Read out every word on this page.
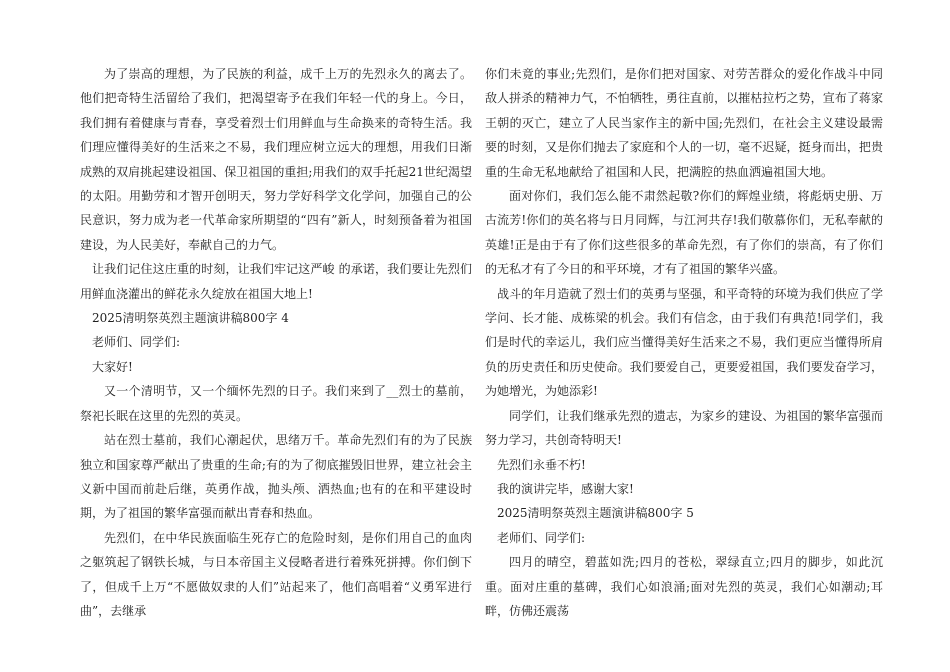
为了崇高的理想，为了民族的利益，成千上万的先烈永久的离去了。他们把奇特生活留给了我们，把渴望寄予在我们年轻一代的身上。今日，我们拥有着健康与青春，享受着烈士们用鲜血与生命换来的奇特生活。我们理应懂得美好的生活来之不易，我们理应树立远大的理想，用我们日渐成熟的双肩挑起建设祖国、保卫祖国的重担;用我们的双手托起21世纪渴望的太阳。用勤劳和才智开创明天，努力学好科学文化学问，加强自己的公民意识，努力成为老一代革命家所期望的“四有”新人，时刻预备着为祖国建设，为人民美好，奉献自己的力气。

让我们记住这庄重的时刻，让我们牢记这严峻 的承诺，我们要让先烈们用鲜血浇灌出的鲜花永久绽放在祖国大地上!

2025清明祭英烈主题演讲稿800字 4

老师们、同学们:

大家好!

又一个清明节，又一个缅怀先烈的日子。我们来到了__烈士的墓前，祭祀长眠在这里的先烈的英灵。

站在烈士墓前，我们心潮起伏，思绪万千。革命先烈们有的为了民族独立和国家尊严献出了贵重的生命;有的为了彻底摧毁旧世界，建立社会主义新中国而前赴后继，英勇作战，抛头颅、洒热血;也有的在和平建设时期，为了祖国的繁华富强而献出青春和热血。

先烈们，在中华民族面临生死存亡的危险时刻，是你们用自己的血肉之躯筑起了钢铁长城，与日本帝国主义侵略者进行着殊死拼搏。你们倒下了，但成千上万“不愿做奴隶的人们”站起来了，他们高唱着“义勇军进行曲”，去继承

你们未竟的事业;先烈们，是你们把对国家、对劳苦群众的爱化作战斗中同敌人拼杀的精神力气，不怕牺牲，勇往直前，以摧枯拉朽之势，宣布了蒋家王朝的灭亡，建立了人民当家作主的新中国;先烈们，在社会主义建设最需要的时刻，又是你们抛去了家庭和个人的一切，毫不迟疑，挺身而出，把贵重的生命无私地献给了祖国和人民，把满腔的热血洒遍祖国大地。

面对你们，我们怎么能不肃然起敬?你们的辉煌业绩，将彪炳史册、万古流芳!你们的英名将与日月同辉，与江河共存!我们敬慕你们，无私奉献的英雄!正是由于有了你们这些很多的革命先烈，有了你们的崇高，有了你们的无私才有了今日的和平环境，才有了祖国的繁华兴盛。

战斗的年月造就了烈士们的英勇与坚强，和平奇特的环境为我们供应了学学问、长才能、成栋梁的机会。我们有信念，由于我们有典范!同学们，我们是时代的幸运儿，我们应当懂得美好生活来之不易，我们更应当懂得所肩负的历史责任和历史使命。我们要爱自己，更要爱祖国，我们要发奋学习，为她增光，为她添彩!

同学们，让我们继承先烈的遗志，为家乡的建设、为祖国的繁华富强而努力学习，共创奇特明天!

先烈们永垂不朽!

我的演讲完毕，感谢大家!

2025清明祭英烈主题演讲稿800字 5

老师们、同学们:

四月的晴空，碧蓝如洗;四月的苍松，翠绿直立;四月的脚步，如此沉重。面对庄重的墓碑，我们心如浪涌;面对先烈的英灵，我们心如潮动;耳畔，仿佛还震荡
